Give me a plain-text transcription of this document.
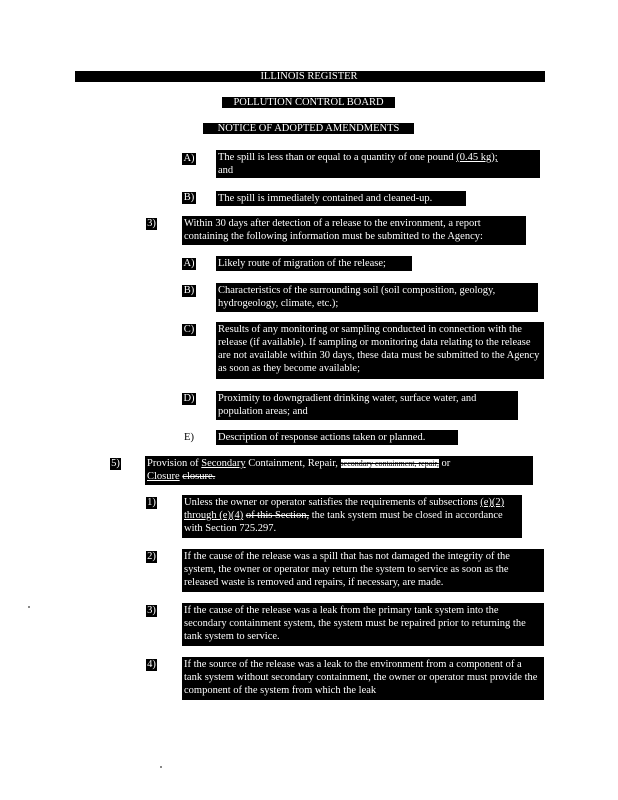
ILLINOIS REGISTER
POLLUTION CONTROL BOARD
NOTICE OF ADOPTED AMENDMENTS
A) The spill is less than or equal to a quantity of one pound (0.45 kg);
and
B) The spill is immediately contained and cleaned-up.
3)	Within 30 days after detection of a release to the environment, a report containing the following information must be submitted to the Agency:
A) Likely route of migration of the release;
B) Characteristics of the surrounding soil (soil composition, geology, hydrogeology, climate, etc.);
C) Results of any monitoring or sampling conducted in connection with the release (if available). If sampling or monitoring data relating to the release are not available within 30 days, these data must be submitted to the Agency as soon as they become available;
D) Proximity to downgradient drinking water, surface water, and population areas; and
E) Description of response actions taken or planned.
5)	Provision of Secondary Containment, Repair, secondary containment, repair, or
Closure closure.
1)	Unless the owner or operator satisfies the requirements of subsections (e)(2) through (e)(4) of this Section, the tank system must be closed in accordance with Section 725.297.
2)	If the cause of the release was a spill that has not damaged the integrity of the system, the owner or operator may return the system to service as soon as the released waste is removed and repairs, if necessary, are made.
3)	If the cause of the release was a leak from the primary tank system into the secondary containment system, the system must be repaired prior to returning the tank system to service.
4)	If the source of the release was a leak to the environment from a component of a tank system without secondary containment, the owner or operator must provide the component of the system from which the leak
